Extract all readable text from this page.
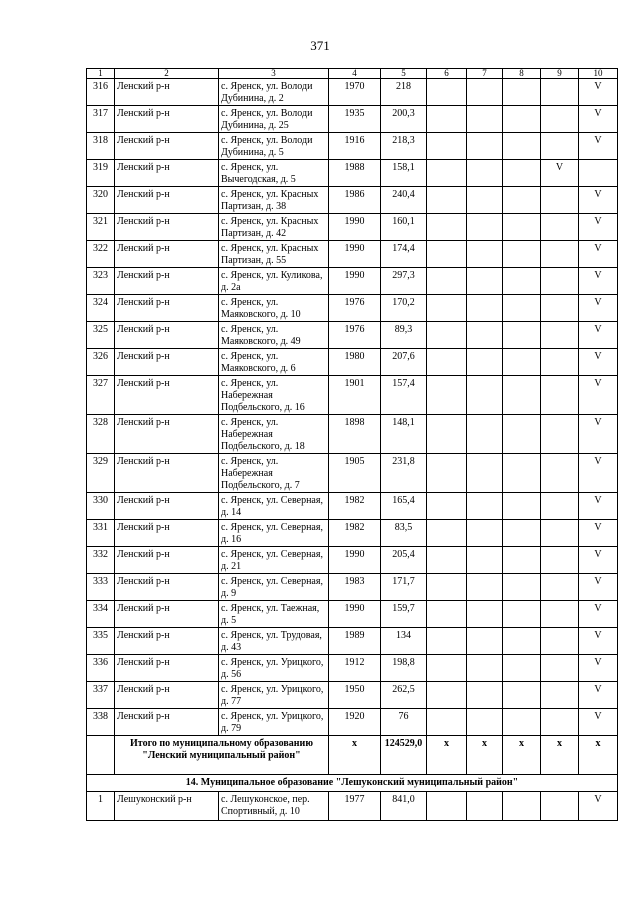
371
1	2	3	4	5	6	7	8	9	10
316	Ленский р-н	с. Яренск, ул. Володи Дубинина, д. 2	1970	218					V
317	Ленский р-н	с. Яренск, ул. Володи Дубинина, д. 25	1935	200,3					V
318	Ленский р-н	с. Яренск, ул. Володи Дубинина, д. 5	1916	218,3					V
319	Ленский р-н	с. Яренск, ул. Вычегодская, д. 5	1988	158,1				V	
320	Ленский р-н	с. Яренск, ул. Красных Партизан, д. 38	1986	240,4					V
321	Ленский р-н	с. Яренск, ул. Красных Партизан, д. 42	1990	160,1					V
322	Ленский р-н	с. Яренск, ул. Красных Партизан, д. 55	1990	174,4					V
323	Ленский р-н	с. Яренск, ул. Куликова, д. 2а	1990	297,3					V
324	Ленский р-н	с. Яренск, ул. Маяковского, д. 10	1976	170,2					V
325	Ленский р-н	с. Яренск, ул. Маяковского, д. 49	1976	89,3					V
326	Ленский р-н	с. Яренск, ул. Маяковского, д. 6	1980	207,6					V
327	Ленский р-н	с. Яренск, ул. Набережная Подбельского, д. 16	1901	157,4					V
328	Ленский р-н	с. Яренск, ул. Набережная Подбельского, д. 18	1898	148,1					V
329	Ленский р-н	с. Яренск, ул. Набережная Подбельского, д. 7	1905	231,8					V
330	Ленский р-н	с. Яренск, ул. Северная, д. 14	1982	165,4					V
331	Ленский р-н	с. Яренск, ул. Северная, д. 16	1982	83,5					V
332	Ленский р-н	с. Яренск, ул. Северная, д. 21	1990	205,4					V
333	Ленский р-н	с. Яренск, ул. Северная, д. 9	1983	171,7					V
334	Ленский р-н	с. Яренск, ул. Таежная, д. 5	1990	159,7					V
335	Ленский р-н	с. Яренск, ул. Трудовая, д. 43	1989	134					V
336	Ленский р-н	с. Яренск, ул. Урицкого, д. 56	1912	198,8					V
337	Ленский р-н	с. Яренск, ул. Урицкого, д. 77	1950	262,5					V
338	Ленский р-н	с. Яренск, ул. Урицкого, д. 79	1920	76					V
	Итого по муниципальному образованию "Ленский муниципальный район"		x	124529,0	x	x	x	x	x
14. Муниципальное образование "Лешуконский муниципальный район"									
1	Лешуконский р-н	с. Лешуконское, пер. Спортивный, д. 10	1977	841,0					V
